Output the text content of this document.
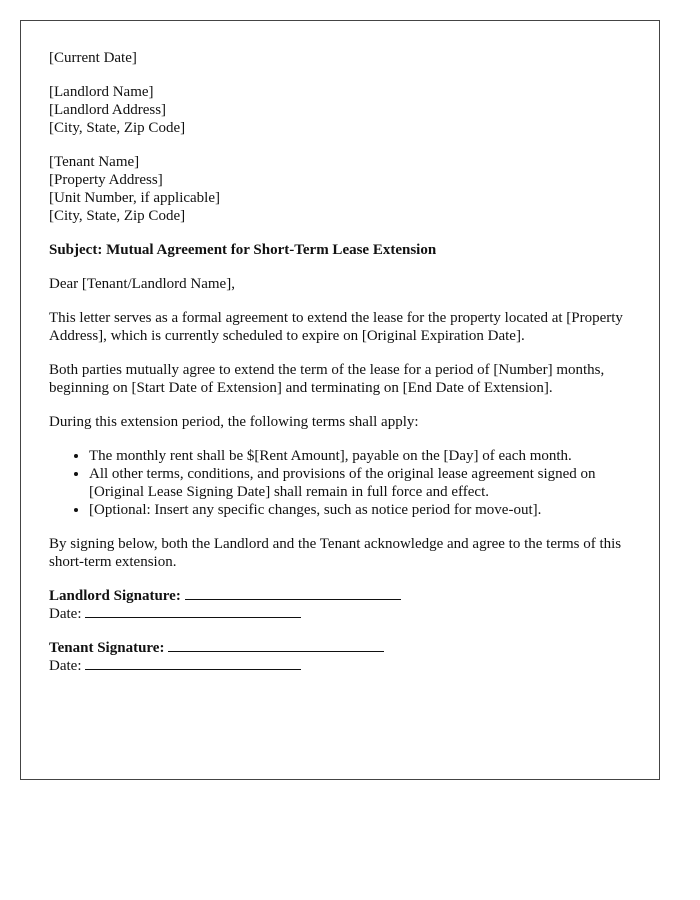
[Current Date]
[Landlord Name]
[Landlord Address]
[City, State, Zip Code]
[Tenant Name]
[Property Address]
[Unit Number, if applicable]
[City, State, Zip Code]

Subject: Mutual Agreement for Short-Term Lease Extension

Dear [Tenant/Landlord Name],

This letter serves as a formal agreement to extend the lease for the property located at [Property Address], which is currently scheduled to expire on [Original Expiration Date].

Both parties mutually agree to extend the term of the lease for a period of [Number] months, beginning on [Start Date of Extension] and terminating on [End Date of Extension].

During this extension period, the following terms shall apply:

• The monthly rent shall be $[Rent Amount], payable on the [Day] of each month.
• All other terms, conditions, and provisions of the original lease agreement signed on [Original Lease Signing Date] shall remain in full force and effect.
• [Optional: Insert any specific changes, such as notice period for move-out].

By signing below, both the Landlord and the Tenant acknowledge and agree to the terms of this short-term extension.

Landlord Signature:
Date:
Tenant Signature:
Date:
